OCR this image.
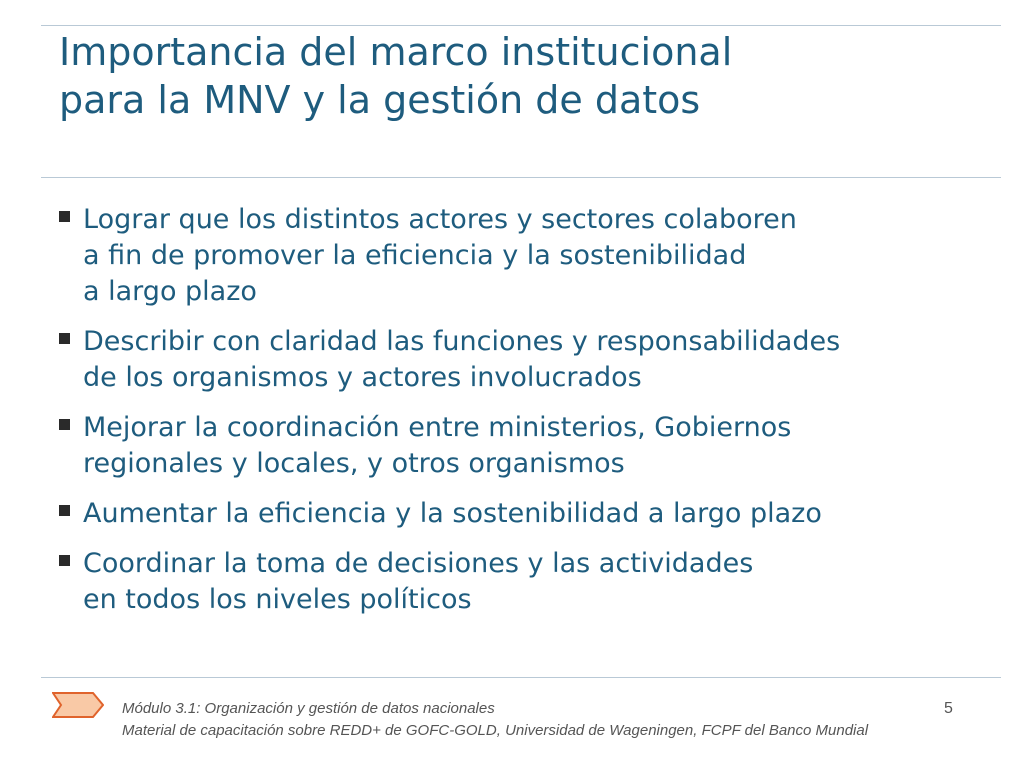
Importancia del marco institucional
para la MNV y la gestión de datos
Lograr que los distintos actores y sectores colaboren
a fin de promover la eficiencia y la sostenibilidad
a largo plazo
Describir con claridad las funciones y responsabilidades
de los organismos y actores involucrados
Mejorar la coordinación entre ministerios, Gobiernos
regionales y locales, y otros organismos
Aumentar la eficiencia y la sostenibilidad a largo plazo
Coordinar la toma de decisiones y las actividades
en todos los niveles políticos
Módulo 3.1: Organización y gestión de datos nacionales
Material de capacitación sobre REDD+ de GOFC-GOLD, Universidad de Wageningen, FCPF del Banco Mundial
5
